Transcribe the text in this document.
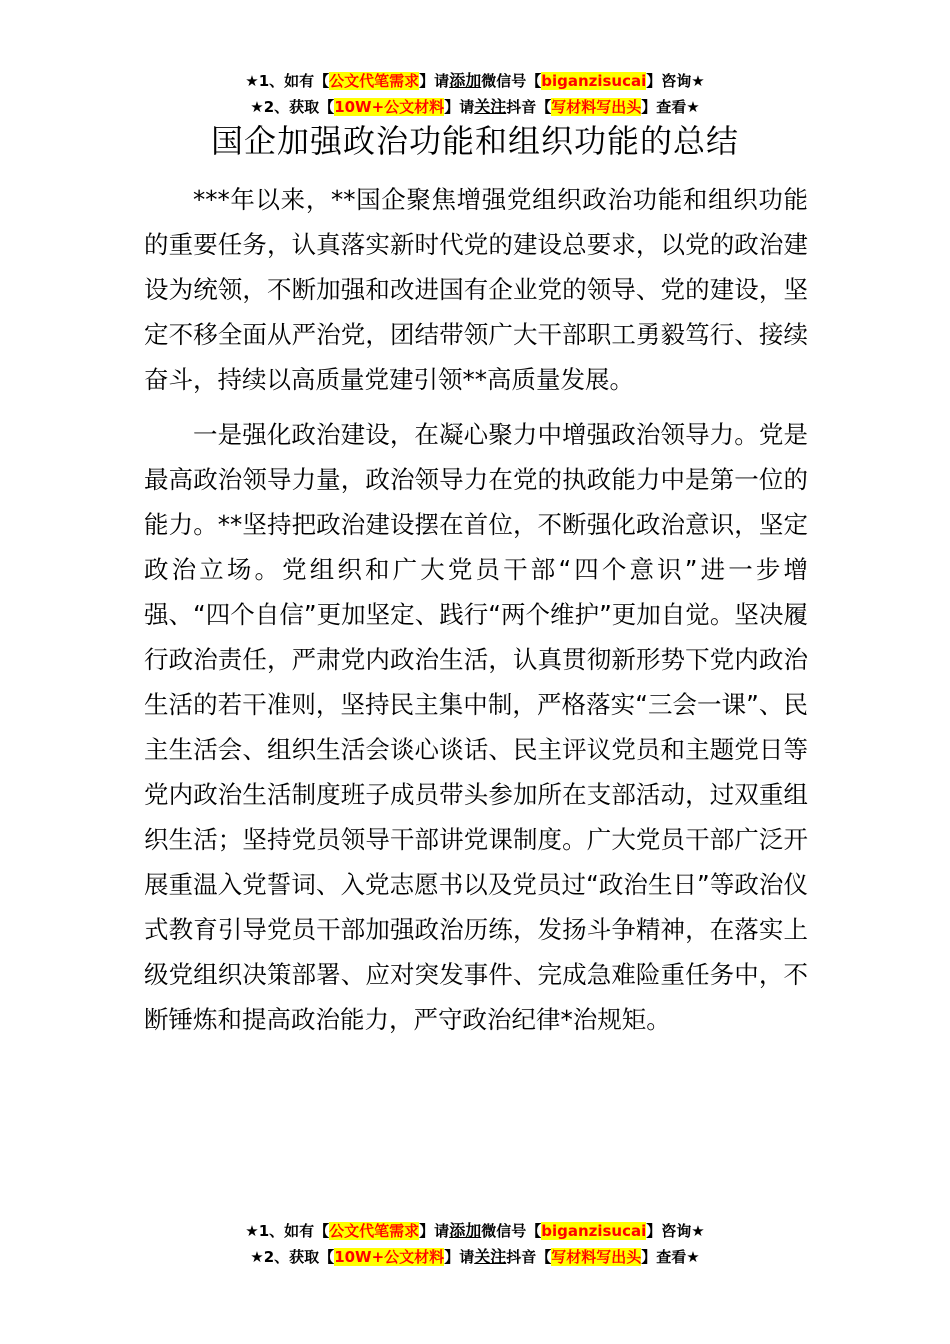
★1、如有【公文代笔需求】请添加微信号【biganzisucai】咨询★
★2、获取【10W+公文材料】请关注抖音【写材料写出头】查看★
国企加强政治功能和组织功能的总结

***年以来，**国企聚焦增强党组织政治功能和组织功能的重要任务，认真落实新时代党的建设总要求，以党的政治建设为统领，不断加强和改进国有企业党的领导、党的建设，坚定不移全面从严治党，团结带领广大干部职工勇毅笃行、接续奋斗，持续以高质量党建引领**高质量发展。

一是强化政治建设，在凝心聚力中增强政治领导力。党是最高政治领导力量，政治领导力在党的执政能力中是第一位的能力。**坚持把政治建设摆在首位，不断强化政治意识，坚定政治立场。党组织和广大党员干部“四个意识”进一步增强、“四个自信”更加坚定、践行“两个维护”更加自觉。坚决履行政治责任，严肃党内政治生活，认真贯彻新形势下党内政治生活的若干准则，坚持民主集中制，严格落实“三会一课”、民主生活会、组织生活会谈心谈话、民主评议党员和主题党日等党内政治生活制度班子成员带头参加所在支部活动，过双重组织生活；坚持党员领导干部讲党课制度。广大党员干部广泛开展重温入党誓词、入党志愿书以及党员过“政治生日”等政治仪式教育引导党员干部加强政治历练，发扬斗争精神，在落实上级党组织决策部署、应对突发事件、完成急难险重任务中，不断锤炼和提高政治能力，严守政治纪律*治规矩。

★1、如有【公文代笔需求】请添加微信号【biganzisucai】咨询★
★2、获取【10W+公文材料】请关注抖音【写材料写出头】查看★
